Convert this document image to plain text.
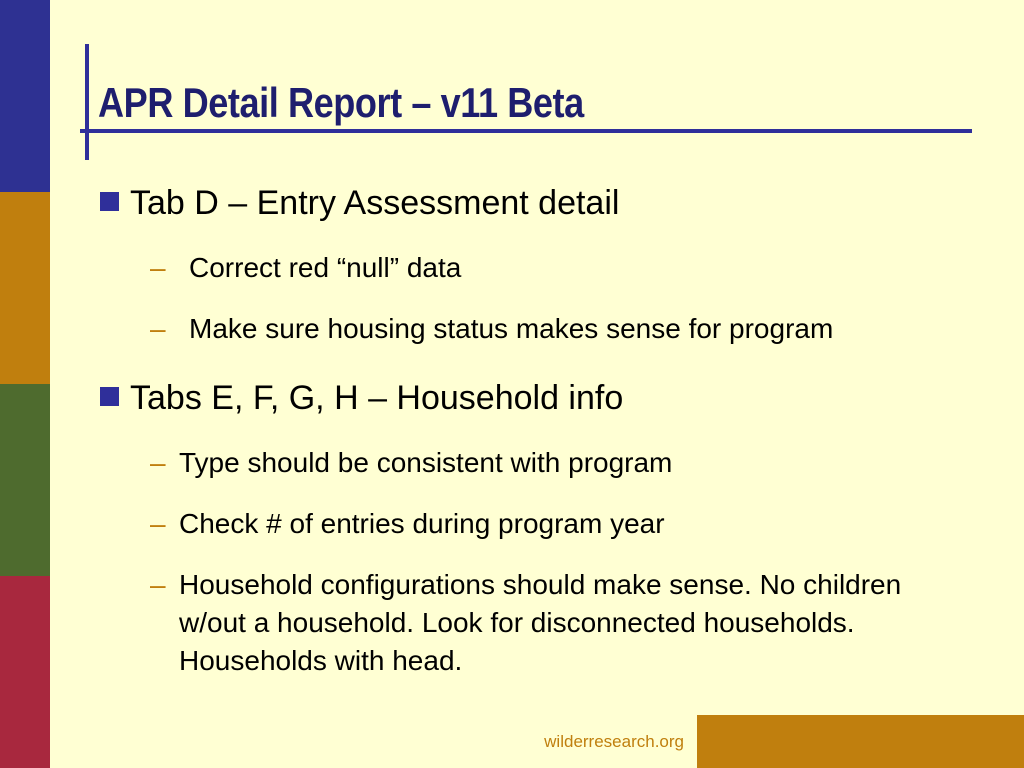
APR Detail Report – v11 Beta
Tab D – Entry Assessment detail
– Correct red “null” data
– Make sure housing status makes sense for program
Tabs E, F, G, H – Household info
– Type should be consistent with program
– Check # of entries during program year
– Household configurations should make sense. No children w/out a household. Look for disconnected households. Households with head.
wilderresearch.org
